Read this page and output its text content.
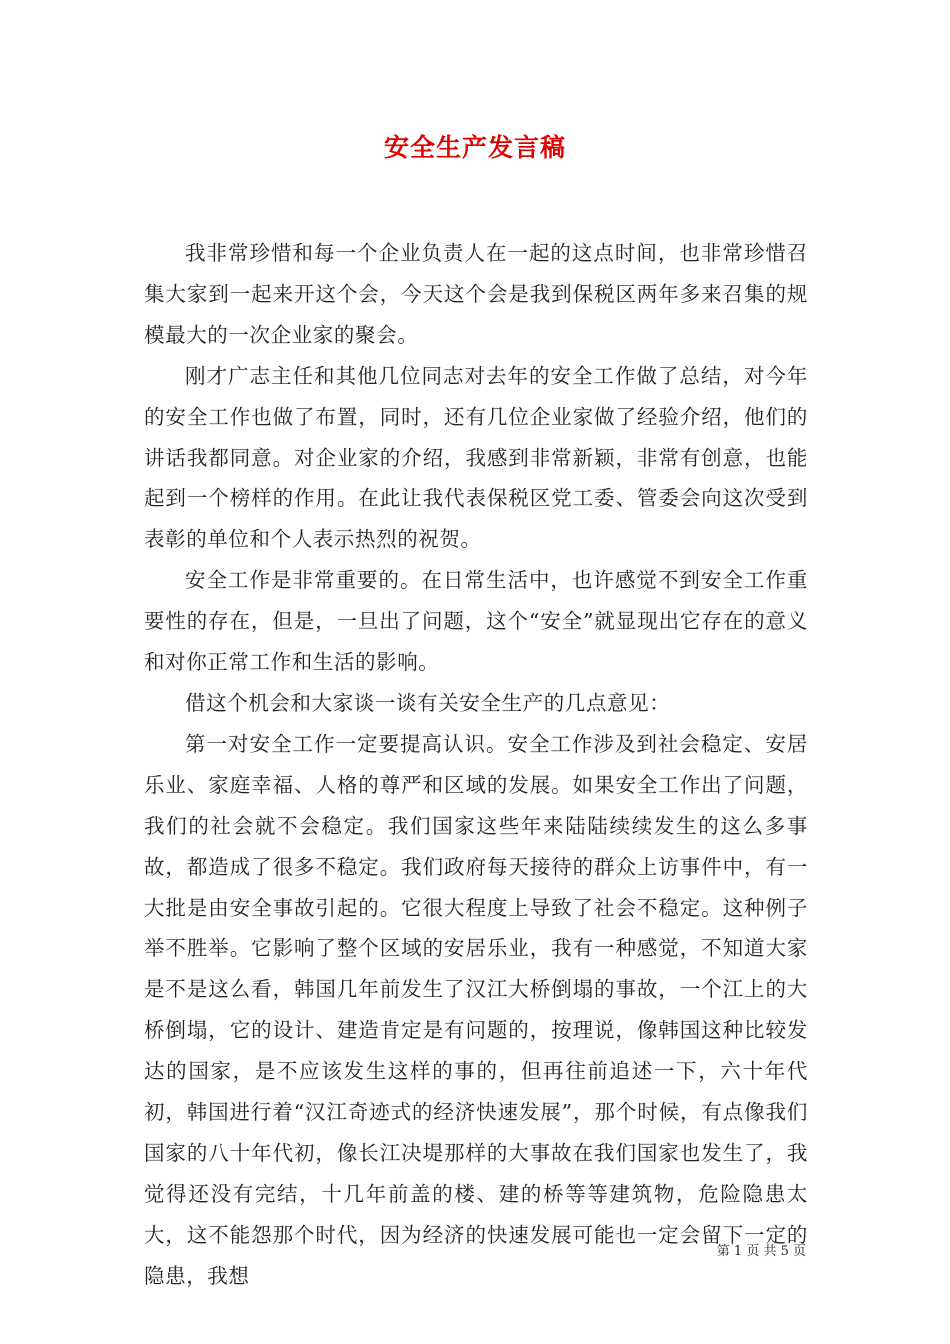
安全生产发言稿

我非常珍惜和每一个企业负责人在一起的这点时间，也非常珍惜召集大家到一起来开这个会，今天这个会是我到保税区两年多来召集的规模最大的一次企业家的聚会。

刚才广志主任和其他几位同志对去年的安全工作做了总结，对今年的安全工作也做了布置，同时，还有几位企业家做了经验介绍，他们的讲话我都同意。对企业家的介绍，我感到非常新颖，非常有创意，也能起到一个榜样的作用。在此让我代表保税区党工委、管委会向这次受到表彰的单位和个人表示热烈的祝贺。

安全工作是非常重要的。在日常生活中，也许感觉不到安全工作重要性的存在，但是，一旦出了问题，这个“安全”就显现出它存在的意义和对你正常工作和生活的影响。

借这个机会和大家谈一谈有关安全生产的几点意见：

第一对安全工作一定要提高认识。安全工作涉及到社会稳定、安居乐业、家庭幸福、人格的尊严和区域的发展。如果安全工作出了问题，我们的社会就不会稳定。我们国家这些年来陆陆续续发生的这么多事故，都造成了很多不稳定。我们政府每天接待的群众上访事件中，有一大批是由安全事故引起的。它很大程度上导致了社会不稳定。这种例子举不胜举。它影响了整个区域的安居乐业，我有一种感觉，不知道大家是不是这么看，韩国几年前发生了汉江大桥倒塌的事故，一个江上的大桥倒塌，它的设计、建造肯定是有问题的，按理说，像韩国这种比较发达的国家，是不应该发生这样的事的，但再往前追述一下，六十年代初，韩国进行着“汉江奇迹式的经济快速发展”，那个时候，有点像我们国家的八十年代初，像长江决堤那样的大事故在我们国家也发生了，我觉得还没有完结，十几年前盖的楼、建的桥等等建筑物，危险隐患太大，这不能怨那个时代，因为经济的快速发展可能也一定会留下一定的隐患，我想

第 1 页 共 5 页
